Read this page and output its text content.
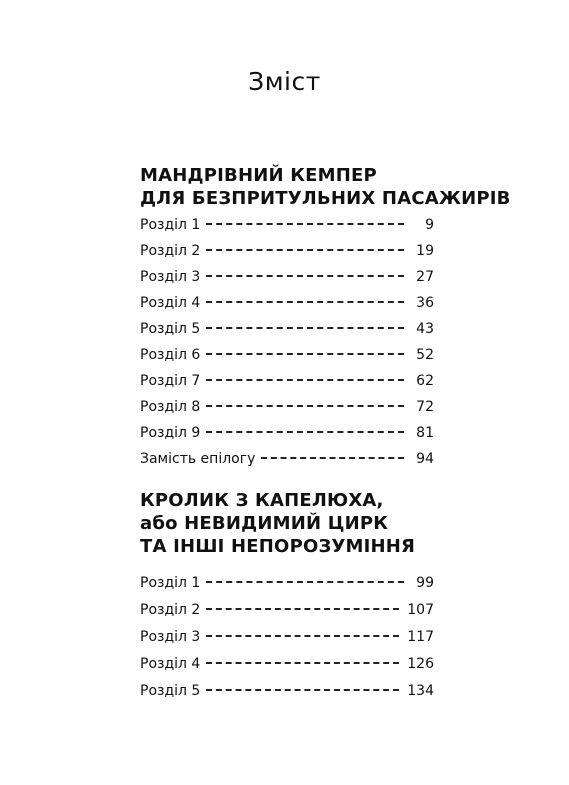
Зміст
МАНДРІВНИЙ КЕМПЕР
ДЛЯ БЕЗПРИТУЛЬНИХ ПАСАЖИРІВ
Розділ 1	9
Розділ 2	19
Розділ 3	27
Розділ 4	36
Розділ 5	43
Розділ 6	52
Розділ 7	62
Розділ 8	72
Розділ 9	81
Замість епілогу	94
КРОЛИК З КАПЕЛЮХА,
або НЕВИДИМИЙ ЦИРК
ТА ІНШІ НЕПОРОЗУМІННЯ
Розділ 1	99
Розділ 2	107
Розділ 3	117
Розділ 4	126
Розділ 5	134
